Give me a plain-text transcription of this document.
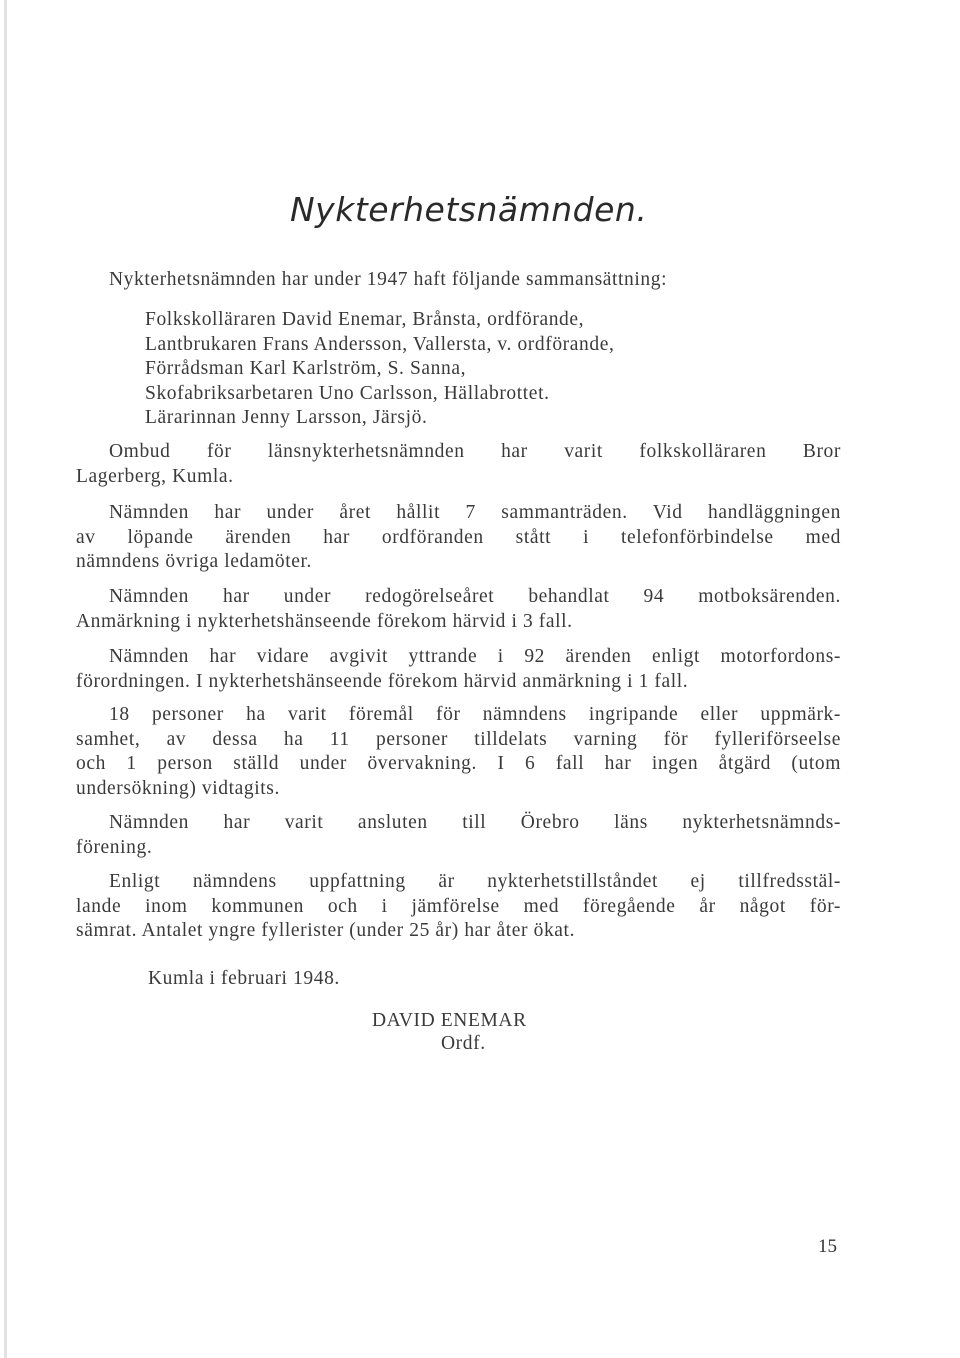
Nykterhetsnämnden.
Nykterhetsnämnden har under 1947 haft följande sammansättning:
Folkskolläraren David Enemar, Brånsta, ordförande,
Lantbrukaren Frans Andersson, Vallersta, v. ordförande,
Förrådsman Karl Karlström, S. Sanna,
Skofabriksarbetaren Uno Carlsson, Hällabrottet.
Lärarinnan Jenny Larsson, Järsjö.
Ombud för länsnykterhetsnämnden har varit folkskolläraren Bror
Lagerberg, Kumla.
Nämnden har under året hållit 7 sammanträden. Vid handläggningen
av löpande ärenden har ordföranden stått i telefonförbindelse med
nämndens övriga ledamöter.
Nämnden har under redogörelseåret behandlat 94 motboksärenden.
Anmärkning i nykterhetshänseende förekom härvid i 3 fall.
Nämnden har vidare avgivit yttrande i 92 ärenden enligt motorfordons-
förordningen. I nykterhetshänseende förekom härvid anmärkning i 1 fall.
18 personer ha varit föremål för nämndens ingripande eller uppmärk-
samhet, av dessa ha 11 personer tilldelats varning för fylleriförseelse
och 1 person ställd under övervakning. I 6 fall har ingen åtgärd (utom
undersökning) vidtagits.
Nämnden har varit ansluten till Örebro läns nykterhetsnämnds-
förening.
Enligt nämndens uppfattning är nykterhetstillståndet ej tillfredsstäl-
lande inom kommunen och i jämförelse med föregående år något för-
sämrat. Antalet yngre fyllerister (under 25 år) har åter ökat.
Kumla i februari 1948.
DAVID ENEMAR
Ordf.
15
